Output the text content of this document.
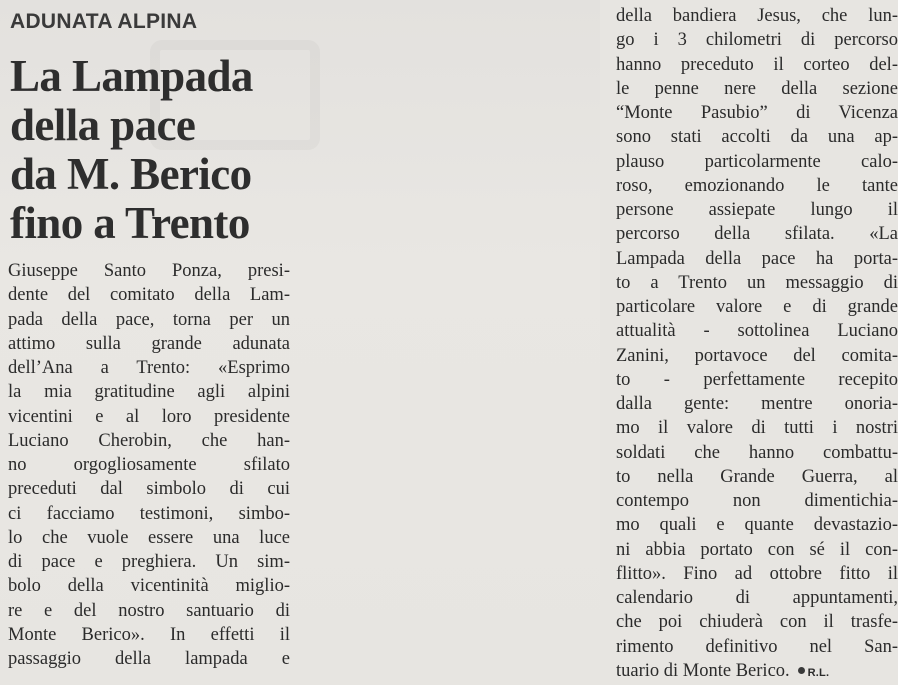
ADUNATA ALPINA
La Lampada
della pace
da M. Berico
fino a Trento
Giuseppe Santo Ponza, presi-
dente del comitato della Lam-
pada della pace, torna per un
attimo sulla grande adunata
dell’Ana a Trento: «Esprimo
la mia gratitudine agli alpini
vicentini e al loro presidente
Luciano Cherobin, che han-
no orgogliosamente sfilato
preceduti dal simbolo di cui
ci facciamo testimoni, simbo-
lo che vuole essere una luce
di pace e preghiera. Un sim-
bolo della vicentinità miglio-
re e del nostro santuario di
Monte Berico». In effetti il
passaggio della lampada e
della bandiera Jesus, che lun-
go i 3 chilometri di percorso
hanno preceduto il corteo del-
le penne nere della sezione
“Monte Pasubio” di Vicenza
sono stati accolti da una ap-
plauso particolarmente calo-
roso, emozionando le tante
persone assiepate lungo il
percorso della sfilata. «La
Lampada della pace ha porta-
to a Trento un messaggio di
particolare valore e di grande
attualità - sottolinea Luciano
Zanini, portavoce del comita-
to - perfettamente recepito
dalla gente: mentre onoria-
mo il valore di tutti i nostri
soldati che hanno combattu-
to nella Grande Guerra, al
contempo non dimentichia-
mo quali e quante devastazio-
ni abbia portato con sé il con-
flitto». Fino ad ottobre fitto il
calendario di appuntamenti,
che poi chiuderà con il trasfe-
rimento definitivo nel San-
tuario di Monte Berico. R.L.
